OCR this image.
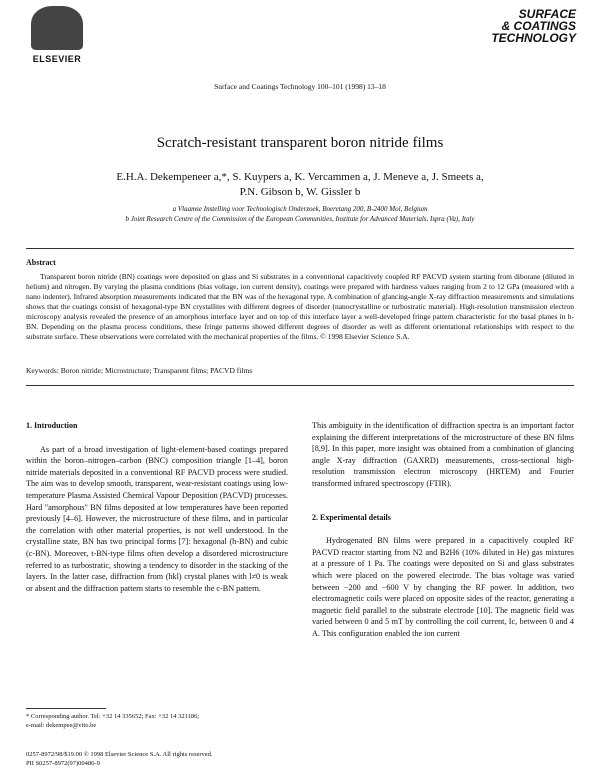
ELSEVIER
Surface and Coatings Technology 100–101 (1998) 13–18
SURFACE
& COATINGS
TECHNOLOGY
Scratch-resistant transparent boron nitride films
E.H.A. Dekempeneer a,*, S. Kuypers a, K. Vercammen a, J. Meneve a, J. Smeets a,
P.N. Gibson b, W. Gissler b
a Vlaamse Instelling voor Technologisch Onderzoek, Boeretang 200, B-2400 Mol, Belgium
b Joint Research Centre of the Commission of the European Communities, Institute for Advanced Materials, Ispra (Va), Italy
Abstract
Transparent boron nitride (BN) coatings were deposited on glass and Si substrates in a conventional capacitively coupled RF PACVD system starting from diborane (diluted in helium) and nitrogen. By varying the plasma conditions (bias voltage, ion current density), coatings were prepared with hardness values ranging from 2 to 12 GPa (measured with a nano indenter). Infrared absorption measurements indicated that the BN was of the hexagonal type. A combination of glancing-angle X-ray diffraction measurements and simulations shows that the coatings consist of hexagonal-type BN crystallites with different degrees of disorder (nanocrystalline or turbostratic material). High-resolution transmission electron microscopy analysis revealed the presence of an amorphous interface layer and on top of this interface layer a well-developed fringe pattern characteristic for the basal planes in h-BN. Depending on the plasma process conditions, these fringe patterns showed different degrees of disorder as well as different orientational relationships with respect to the substrate surface. These observations were correlated with the mechanical properties of the films. © 1998 Elsevier Science S.A.
Keywords: Boron nitride; Microstructure; Transparent films; PACVD films
1. Introduction

As part of a broad investigation of light-element-based coatings prepared within the boron–nitrogen–carbon (BNC) composition triangle [1–4], boron nitride materials deposited in a conventional RF PACVD process were studied. The aim was to develop smooth, transparent, wear-resistant coatings using low-temperature Plasma Assisted Chemical Vapour Deposition (PACVD) processes. Hard "amorphous" BN films deposited at low temperatures have been reported previously [4–6]. However, the microstructure of these films, and in particular the correlation with other material properties, is not well understood. In the crystalline state, BN has two principal forms [7]: hexagonal (h-BN) and cubic (c-BN). Moreover, t-BN-type films often develop a disordered microstructure referred to as turbostratic, showing a tendency to disorder in the stacking of the layers. In the latter case, diffraction from (hkl) crystal planes with l≠0 is weak or absent and the diffraction pattern starts to resemble the c-BN pattern.

* Corresponding author. Tel: +32 14 335652; Fax: +32 14 321186;
e-mail: dekempee@vito.be
0257-8972/98/$19.00 © 1998 Elsevier Science S.A. All rights reserved.
PII S0257-8972(97)00486-9

This ambiguity in the identification of diffraction spectra is an important factor explaining the different interpretations of the microstructure of these BN films [8,9]. In this paper, more insight was obtained from a combination of glancing angle X-ray diffraction (GAXRD) measurements, cross-sectional high-resolution transmission electron microscopy (HRTEM) and Fourier transformed infrared spectroscopy (FTIR).

2. Experimental details

Hydrogenated BN films were prepared in a capacitively coupled RF PACVD reactor starting from N2 and B2H6 (10% diluted in He) gas mixtures at a pressure of 1 Pa. The coatings were deposited on Si and glass substrates which were placed on the powered electrode. The bias voltage was varied between −200 and −600 V by changing the RF power. In addition, two electromagnetic coils were placed on opposite sides of the reactor, generating a magnetic field parallel to the substrate electrode [10]. The magnetic field was varied between 0 and 5 mT by controlling the coil current, Ic, between 0 and 4 A. This configuration enabled the ion current
